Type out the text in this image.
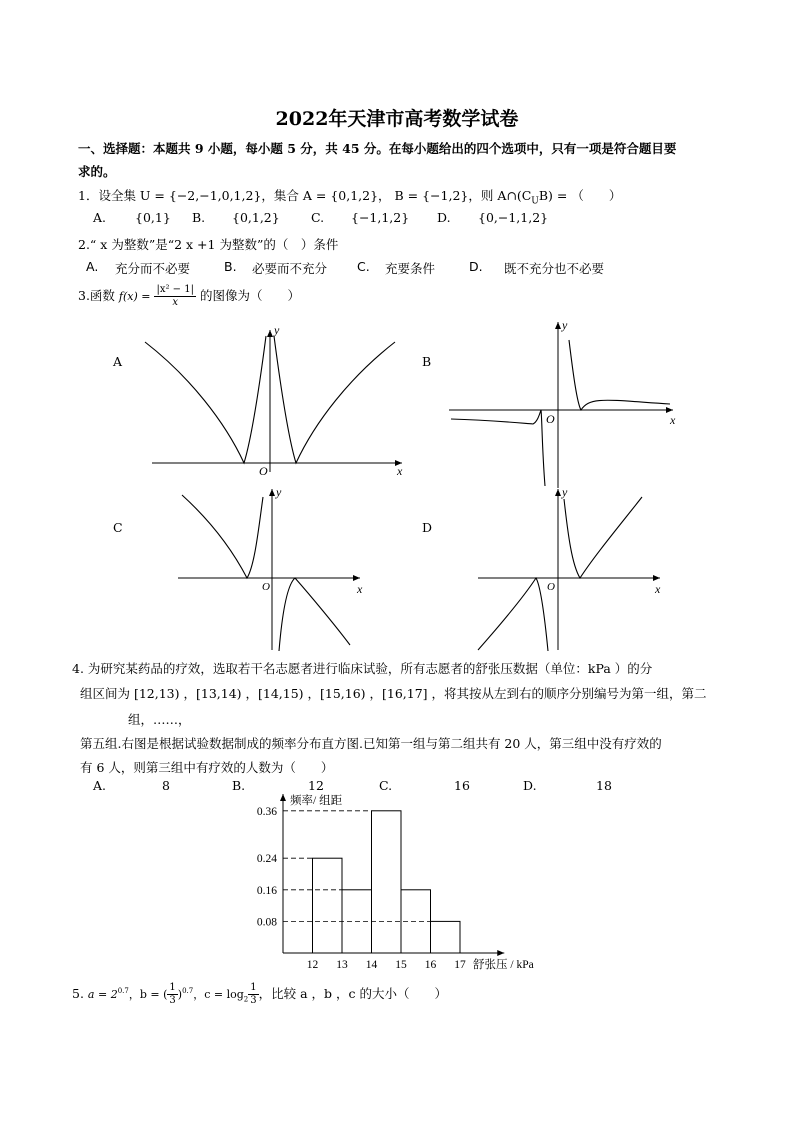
2022年天津市高考数学试卷
一、选择题：本题共 9 小题，每小题 5 分，共 45 分。在每小题给出的四个选项中，只有一项是符合题目要
求的。
1．设全集 U = {−2,−1,0,1,2}，集合 A = {0,1,2}， B = {−1,2}，则 $A\cap(C_UB)$ = （　　）
A. {0,1} B. {0,1,2}	C. {−1,1,2} D. {0,−1,1,2}
2.“ x 为整数”是“2 x +1 为整数”的（　）条件
A. 充分而不必要	B. 必要而不充分 C. 充要条件	D. 既不充分也不必要
3.函数 $f(x) = \frac{\text{|x² − 1|}}{x}$ 的图像为（　　）
A	B
C	D
O	x
y
O	x
y
O	x
y
O	x
y
4. 为研究某药品的疗效，选取若干名志愿者进行临床试验，所有志愿者的舒张压数据（单位：kPa ）的分
组区间为 [12,13) ，[13,14) ，[14,15) ，[15,16) ，[16,17] ，将其按从左到右的顺序分别编号为第一组，第二
组，……，
第五组.右图是根据试验数据制成的频率分布直方图.已知第一组与第二组共有 20 人，第三组中没有疗效的
有 6 人，则第三组中有疗效的人数为（　　）
A.	8	B.	12	C.	16	D.	18
0.08
0.16
0.24
0.36
12 13 14 15 16 17
频率/ 组距
舒张压 / kPa
5. $a = 2^{0.7}$，b = ( $\frac{1}{3} )^{0.7}$，$c = \log_2 \frac{1}{3}$ ，比较 a ，b ，c 的大小（　　）
